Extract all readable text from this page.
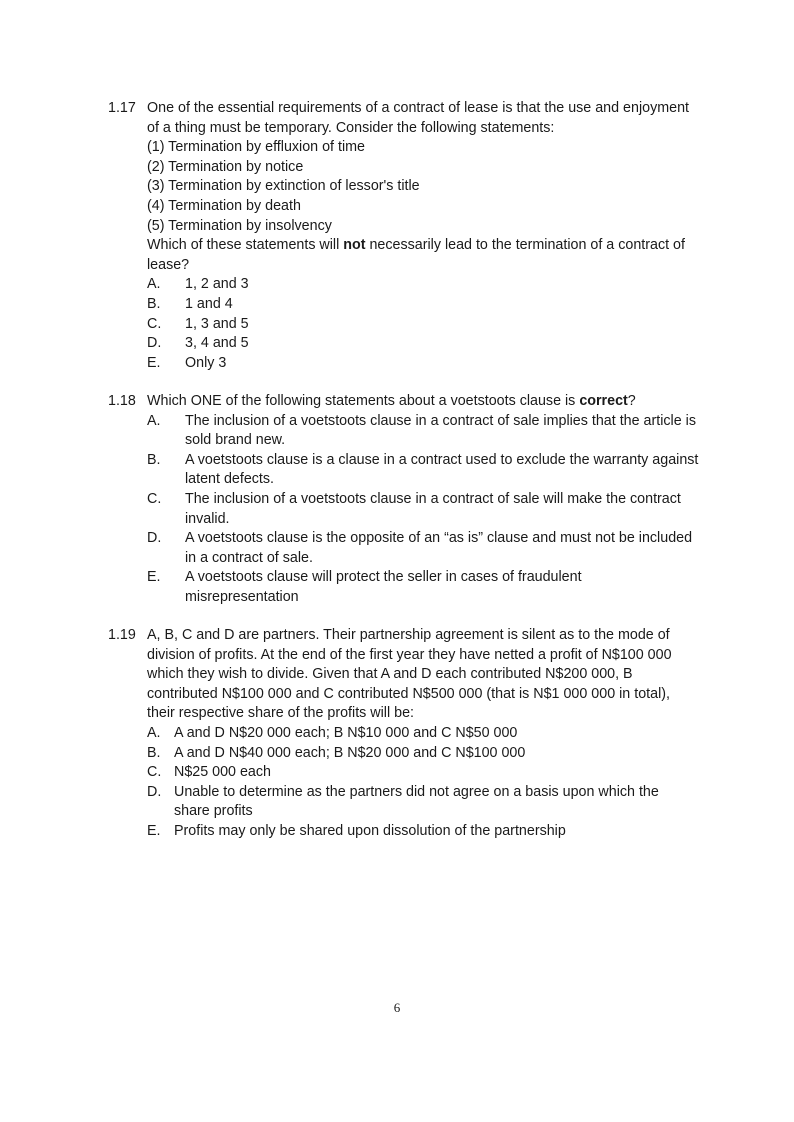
1.17 One of the essential requirements of a contract of lease is that the use and enjoyment
of a thing must be temporary. Consider the following statements:
(1) Termination by effluxion of time
(2) Termination by notice
(3) Termination by extinction of lessor's title
(4) Termination by death
(5) Termination by insolvency
Which of these statements will not necessarily lead to the termination of a contract of
lease?
A.	1, 2 and 3
B.	1 and 4
C.	1, 3 and 5
D.	3, 4 and 5
E.	Only 3
1.18 Which ONE of the following statements about a voetstoots clause is correct?
A.	The inclusion of a voetstoots clause in a contract of sale implies that the article is
sold brand new.
B.	A voetstoots clause is a clause in a contract used to exclude the warranty against
latent defects.
C.	The inclusion of a voetstoots clause in a contract of sale will make the contract
invalid.
D.	A voetstoots clause is the opposite of an “as is” clause and must not be included
in a contract of sale.
E.	A voetstoots clause will protect the seller in cases of fraudulent
misrepresentation
1.19 A, B, C and D are partners. Their partnership agreement is silent as to the mode of
division of profits. At the end of the first year they have netted a profit of N$100 000
which they wish to divide. Given that A and D each contributed N$200 000, B
contributed N$100 000 and C contributed N$500 000 (that is N$1 000 000 in total),
their respective share of the profits will be:
A. A and D N$20 000 each; B N$10 000 and C N$50 000
B. A and D N$40 000 each; B N$20 000 and C N$100 000
C. N$25 000 each
D. Unable to determine as the partners did not agree on a basis upon which the
share profits
E. Profits may only be shared upon dissolution of the partnership
6
